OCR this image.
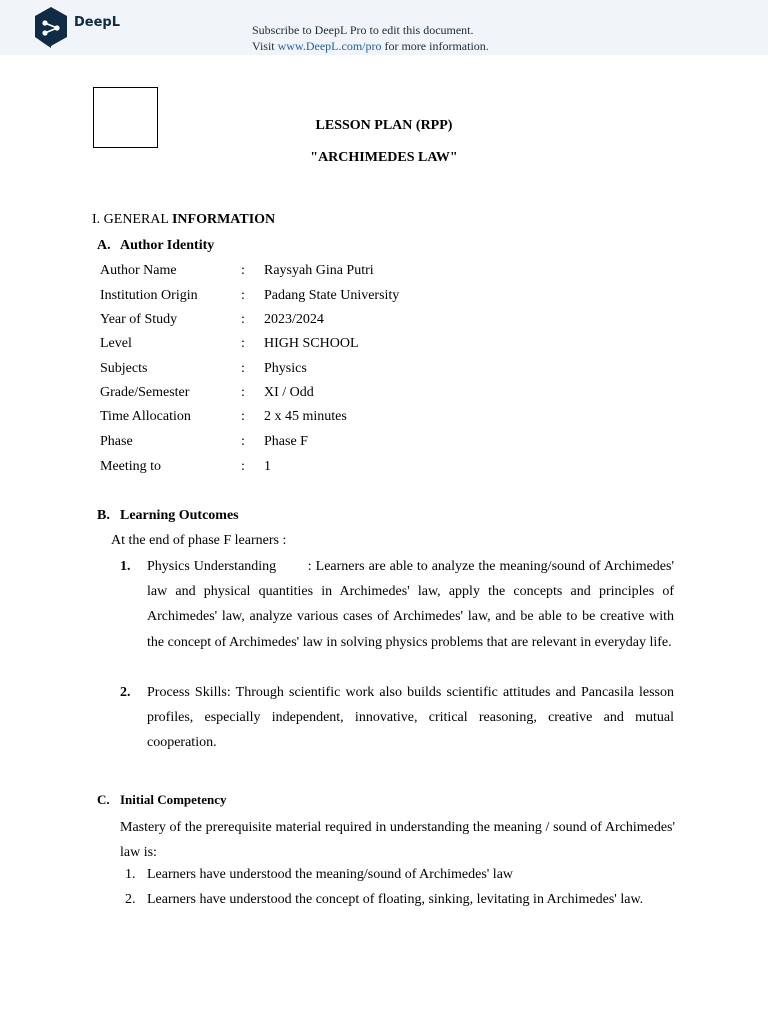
DeepL	Subscribe to DeepL Pro to edit this document.
Visit www.DeepL.com/pro for more information.
LESSON PLAN (RPP)
"ARCHIMEDES LAW"
I. GENERAL INFORMATION
A. Author Identity
Author Name	: Raysyah Gina Putri
Institution Origin	: Padang State University
Year of Study	: 2023/2024
Level	: HIGH SCHOOL
Subjects	: Physics
Grade/Semester	: XI / Odd
Time Allocation	: 2 x 45 minutes
Phase	: Phase F
Meeting to	: 1
B. Learning Outcomes
At the end of phase F learners :
1. Physics Understanding        : Learners are able to analyze the meaning/sound of Archimedes' law and physical quantities in Archimedes' law, apply the concepts and principles of Archimedes' law, analyze various cases of Archimedes' law, and be able to be creative with the concept of Archimedes' law in solving physics problems that are relevant in everyday life.
2. Process Skills: Through scientific work also builds scientific attitudes and Pancasila lesson profiles, especially independent, innovative, critical reasoning, creative and mutual cooperation.
C. Initial Competency
Mastery of the prerequisite material required in understanding the meaning / sound of Archimedes' law is:
1. Learners have understood the meaning/sound of Archimedes' law
2. Learners have understood the concept of floating, sinking, levitating in Archimedes' law.
